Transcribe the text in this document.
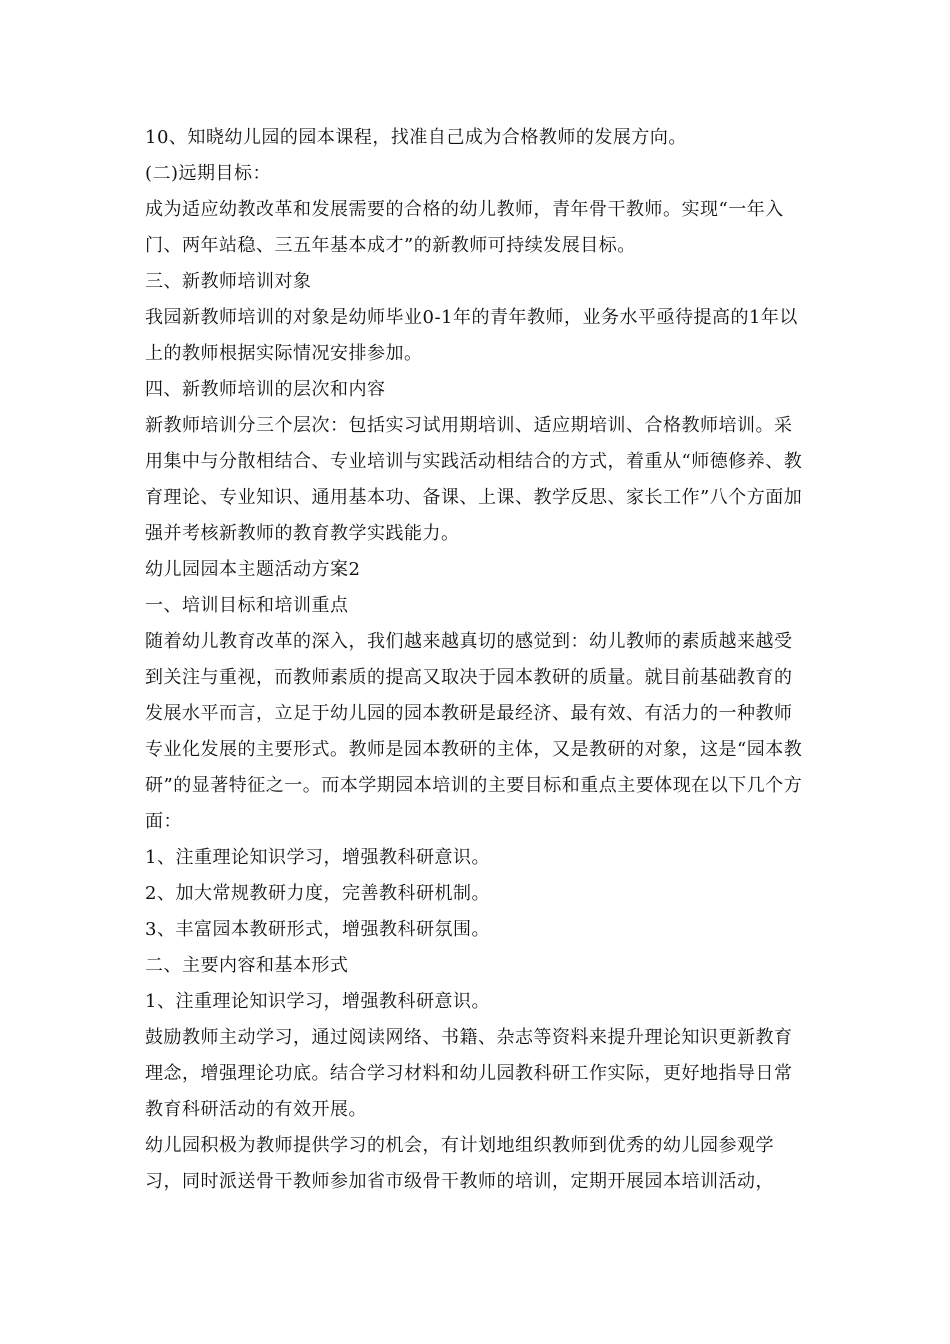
10、知晓幼儿园的园本课程，找准自己成为合格教师的发展方向。

(二)远期目标：

成为适应幼教改革和发展需要的合格的幼儿教师，青年骨干教师。实现“一年入门、两年站稳、三五年基本成才”的新教师可持续发展目标。

三、新教师培训对象

我园新教师培训的对象是幼师毕业0-1年的青年教师，业务水平亟待提高的1年以上的教师根据实际情况安排参加。

四、新教师培训的层次和内容

新教师培训分三个层次：包括实习试用期培训、适应期培训、合格教师培训。采用集中与分散相结合、专业培训与实践活动相结合的方式，着重从“师德修养、教育理论、专业知识、通用基本功、备课、上课、教学反思、家长工作”八个方面加强并考核新教师的教育教学实践能力。

幼儿园园本主题活动方案2

一、培训目标和培训重点

随着幼儿教育改革的深入，我们越来越真切的感觉到：幼儿教师的素质越来越受到关注与重视，而教师素质的提高又取决于园本教研的质量。就目前基础教育的发展水平而言，立足于幼儿园的园本教研是最经济、最有效、有活力的一种教师专业化发展的主要形式。教师是园本教研的主体，又是教研的对象，这是“园本教研”的显著特征之一。而本学期园本培训的主要目标和重点主要体现在以下几个方面：

1、注重理论知识学习，增强教科研意识。

2、加大常规教研力度，完善教科研机制。

3、丰富园本教研形式，增强教科研氛围。

二、主要内容和基本形式

1、注重理论知识学习，增强教科研意识。

鼓励教师主动学习，通过阅读网络、书籍、杂志等资料来提升理论知识更新教育理念，增强理论功底。结合学习材料和幼儿园教科研工作实际，更好地指导日常教育科研活动的有效开展。

幼儿园积极为教师提供学习的机会，有计划地组织教师到优秀的幼儿园参观学习，同时派送骨干教师参加省市级骨干教师的培训，定期开展园本培训活动，
